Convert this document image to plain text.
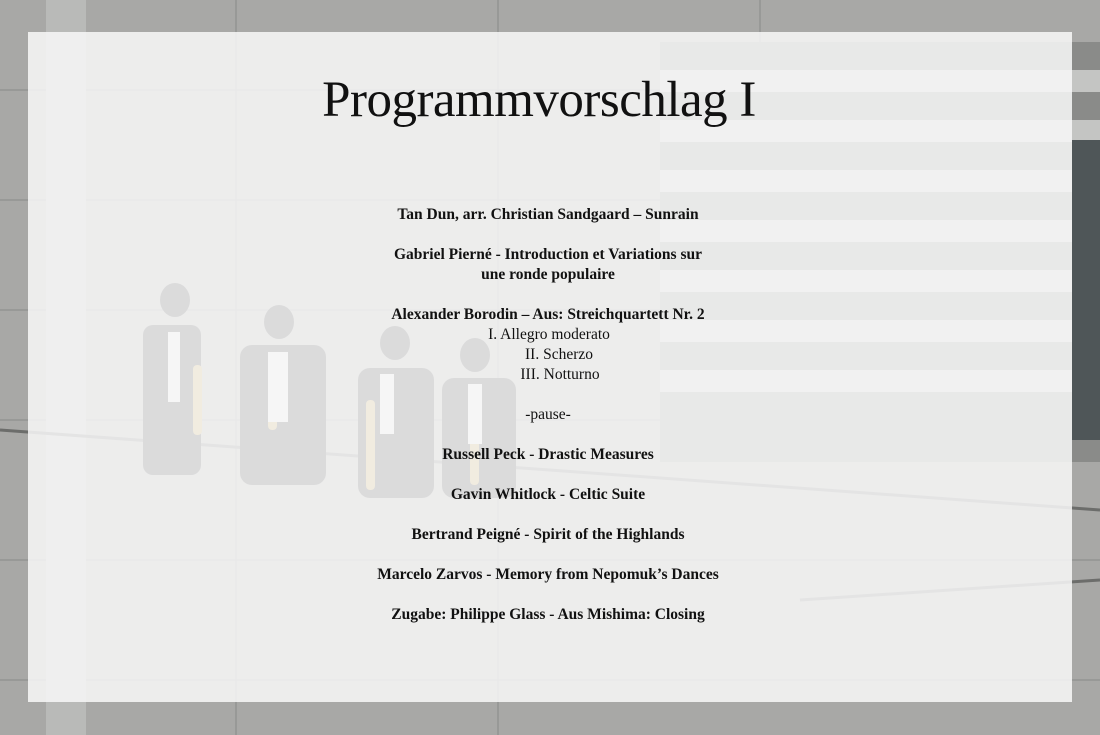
Programmvorschlag I
Tan Dun, arr. Christian Sandgaard – Sunrain
Gabriel Pierné - Introduction et Variations sur
une ronde populaire
Alexander Borodin – Aus: Streichquartett Nr. 2
I. Allegro moderato
II. Scherzo
III. Notturno
-pause-
Russell Peck - Drastic Measures
Gavin Whitlock - Celtic Suite
Bertrand Peigné - Spirit of the Highlands
Marcelo Zarvos - Memory from Nepomuk’s Dances
Zugabe: Philippe Glass - Aus Mishima: Closing
